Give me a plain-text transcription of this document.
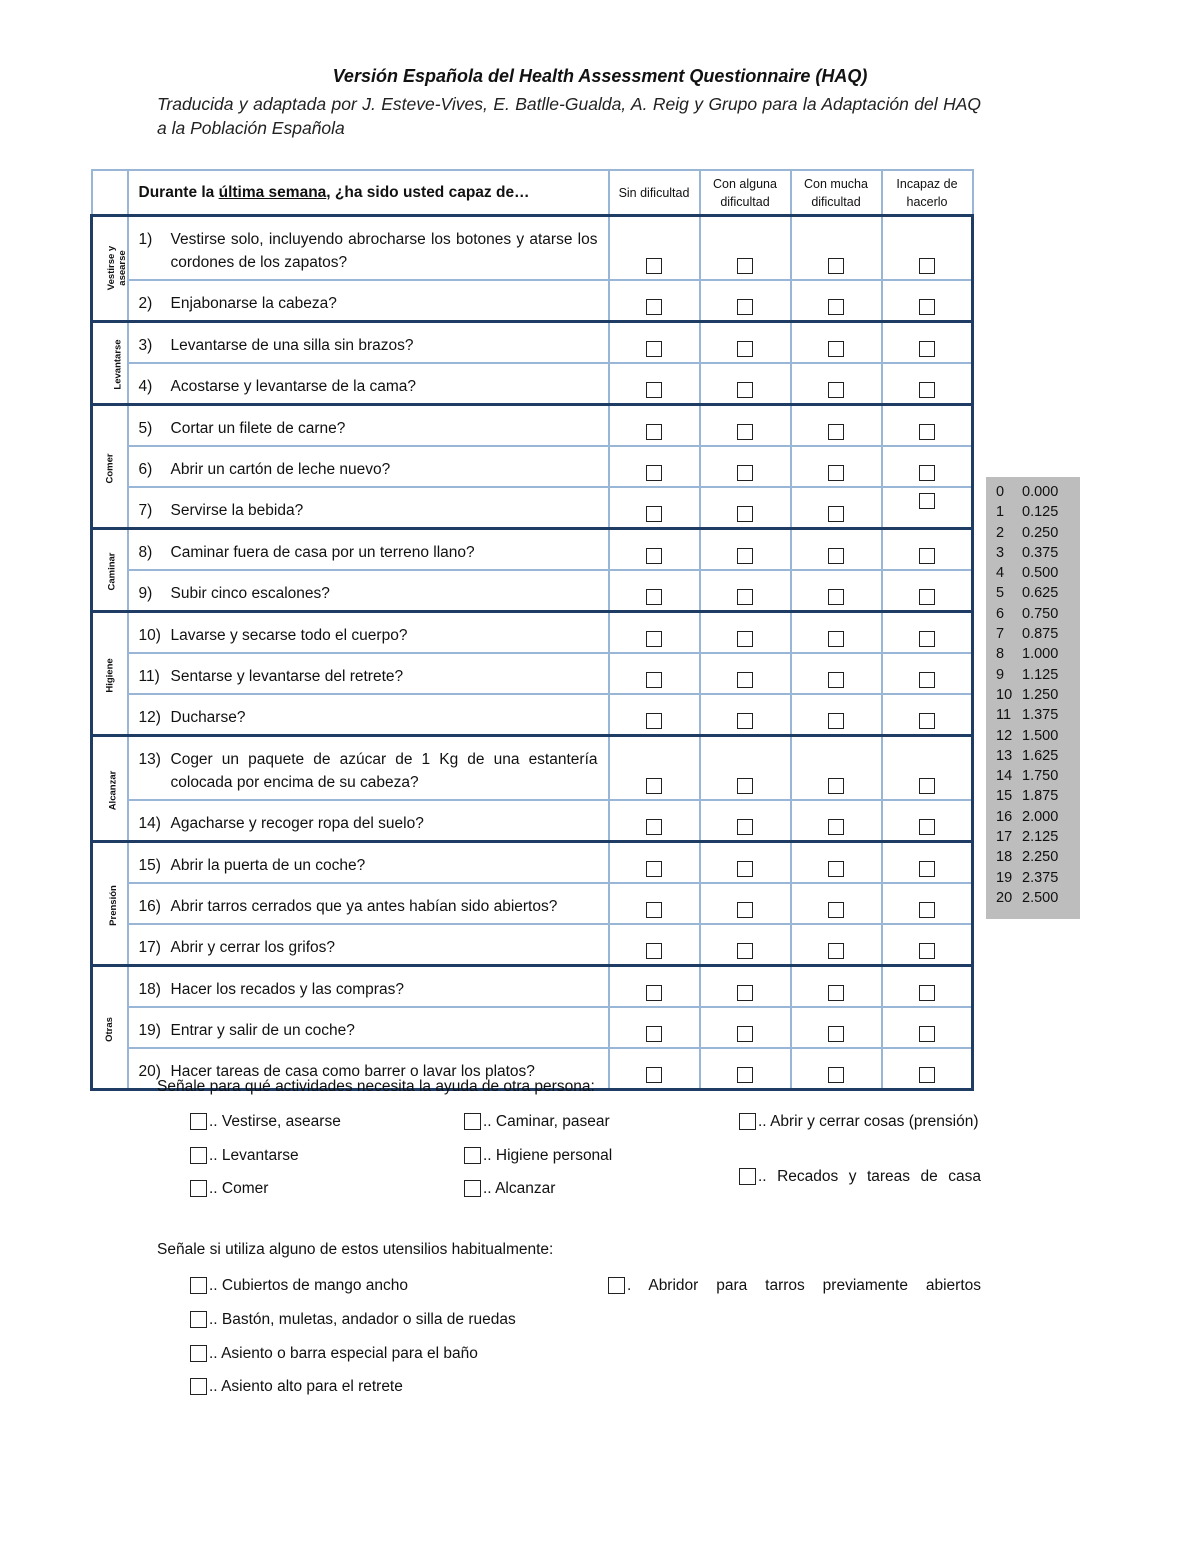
Versión Española del Health Assessment Questionnaire (HAQ)
Traducida y adaptada por J. Esteve-Vives, E. Batlle-Gualda, A. Reig y Grupo para la Adaptación del HAQ a la Población Española
	Durante la última semana, ¿ha sido usted capaz de…	Sin dificultad	Con alguna dificultad	Con mucha dificultad	Incapaz de hacerlo
Vestirse y asearse	1) Vestirse solo, incluyendo abrocharse los botones y atarse los cordones de los zapatos?				

	2) Enjabonarse la cabeza?				

Levantarse	3) Levantarse de una silla sin brazos?				

	4) Acostarse y levantarse de la cama?				

Comer	5) Cortar un filete de carne?				

	6) Abrir un cartón de leche nuevo?				

	7) Servirse la bebida?				

Caminar	8) Caminar fuera de casa por un terreno llano?				

	9) Subir cinco escalones?				

Higiene	10) Lavarse y secarse todo el cuerpo?				

	11) Sentarse y levantarse del retrete?				

	12) Ducharse?				

Alcanzar	13) Coger un paquete de azúcar de 1 Kg de una estantería colocada por encima de su cabeza?				

	14) Agacharse y recoger ropa del suelo?				

Prensión	15) Abrir la puerta de un coche?				

	16) Abrir tarros cerrados que ya antes habían sido abiertos?				

	17) Abrir y cerrar los grifos?				

Otras	18) Hacer los recados y las compras?				

	19) Entrar y salir de un coche?				

	20) Hacer tareas de casa como barrer o lavar los platos?				

0	0.000
1	0.125
2	0.250
3	0.375
4	0.500
5	0.625
6	0.750
7	0.875
8	1.000
9	1.125
10 1.250
11 1.375
12 1.500
13 1.625
14 1.750
15 1.875
16 2.000
17 2.125
18 2.250
19 2.375
20 2.500
Señale para qué actividades necesita la ayuda de otra persona:
.. Vestirse, asearse
.. Levantarse
.. Comer
.. Caminar, pasear
.. Higiene personal
.. Alcanzar
.. Abrir y cerrar cosas (prensión)
.. Recados y tareas de casa
Señale si utiliza alguno de estos utensilios habitualmente:
.. Cubiertos de mango ancho
.. Bastón, muletas, andador o silla de ruedas
.. Asiento o barra especial para el baño
.. Asiento alto para el retrete
. Abridor para tarros previamente abiertos
